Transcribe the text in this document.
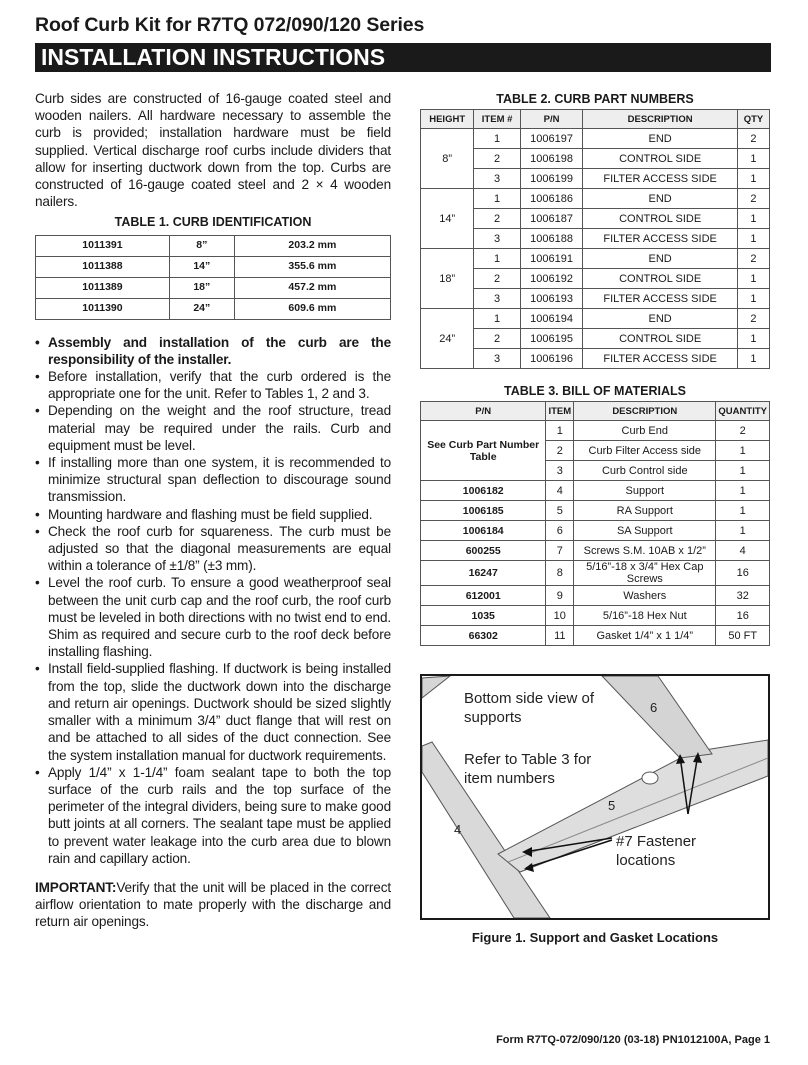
Roof Curb Kit for R7TQ 072/090/120 Series
INSTALLATION INSTRUCTIONS

Curb sides are constructed of 16-gauge coated steel and wooden nailers. All hardware necessary to assemble the curb is provided; installation hardware must be field supplied. Vertical discharge roof curbs include dividers that allow for inserting ductwork down from the top. Curbs are constructed of 16-gauge coated steel and 2 × 4 wooden nailers.

TABLE 1. CURB IDENTIFICATION
1011391	8”	203.2 mm
1011388	14”	355.6 mm
1011389	18”	457.2 mm
1011390	24”	609.6 mm
• Assembly and installation of the curb are the responsibility of the installer.
• Before installation, verify that the curb ordered is the appropriate one for the unit. Refer to Tables 1, 2 and 3.
• Depending on the weight and the roof structure, tread material may be required under the rails. Curb and equipment must be level.
• If installing more than one system, it is recommended to minimize structural span deflection to discourage sound transmission.
• Mounting hardware and flashing must be field supplied.
• Check the roof curb for squareness. The curb must be adjusted so that the diagonal measurements are equal within a tolerance of ±1/8” (±3 mm).
• Level the roof curb. To ensure a good weatherproof seal between the unit curb cap and the roof curb, the roof curb must be leveled in both directions with no twist end to end. Shim as required and secure curb to the roof deck before installing flashing.
• Install field-supplied flashing. If ductwork is being installed from the top, slide the ductwork down into the discharge and return air openings. Ductwork should be sized slightly smaller with a minimum 3/4” duct flange that will rest on and be attached to all sides of the duct connection. See the system installation manual for ductwork requirements.
• Apply 1/4” x 1-1/4” foam sealant tape to both the top surface of the curb rails and the top surface of the perimeter of the integral dividers, being sure to make good butt joints at all corners. The sealant tape must be applied to prevent water leakage into the curb area due to blown rain and capillary action.

IMPORTANT:Verify that the unit will be placed in the correct airflow orientation to mate properly with the discharge and return air openings.

TABLE 2. CURB PART NUMBERS
HEIGHT	ITEM #	P/N	DESCRIPTION	QTY
8”	1	1006197	END	2
	2	1006198	CONTROL SIDE	1
	3	1006199	FILTER ACCESS SIDE	1
14”	1	1006186	END	2
	2	1006187	CONTROL SIDE	1
	3	1006188	FILTER ACCESS SIDE	1
18”	1	1006191	END	2
	2	1006192	CONTROL SIDE	1
	3	1006193	FILTER ACCESS SIDE	1
24”	1	1006194	END	2
	2	1006195	CONTROL SIDE	1
	3	1006196	FILTER ACCESS SIDE	1
TABLE 3. BILL OF MATERIALS
P/N	ITEM	DESCRIPTION	QUANTITY
See Curb Part Number Table	1	Curb End	2
	2	Curb Filter Access side	1
	3	Curb Control side	1
1006182	4	Support	1
1006185	5	RA Support	1
1006184	6	SA Support	1
600255	7	Screws S.M. 10AB x 1/2”	4
16247	8	5/16”-18 x 3/4” Hex Cap Screws	16
612001	9	Washers	32
1035	10	5/16”-18 Hex Nut	16
66302	11	Gasket 1/4” x 1 1/4”	50 FT
Bottom side view of supports
Refer to Table 3 for item numbers
#7 Fastener locations
4
5
6
Figure 1. Support and Gasket Locations
Form R7TQ-072/090/120 (03-18) PN1012100A, Page 1
